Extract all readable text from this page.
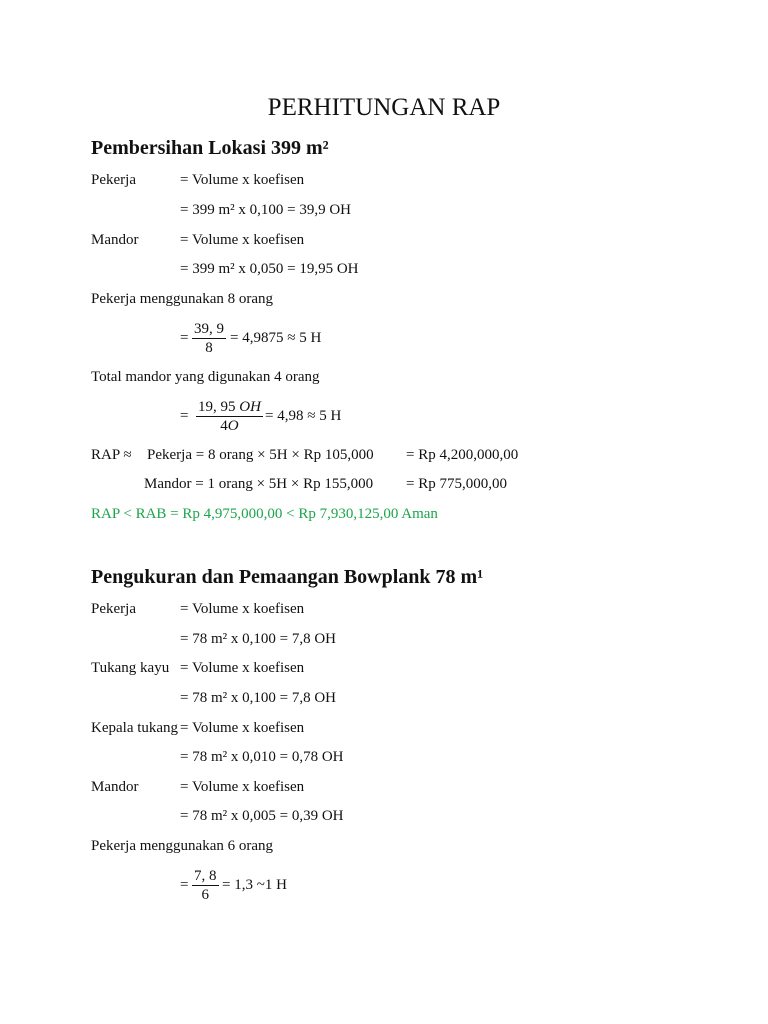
PERHITUNGAN RAP
Pembersihan Lokasi 399 m²
Pekerja	= Volume x koefisen
= 399 m² x 0,100 = 39,9 OH
Mandor	= Volume x koefisen
= 399 m² x 0,050 = 19,95 OH
Pekerja menggunakan 8 orang
= $\frac{39, 9}{8} = 4,9875 \approx 5$ H
Total mandor yang digunakan 4 orang
= $\frac{19, 95 OH}{4O} = 4,98 \approx 5$ H
RAP ≈ Pekerja = 8 orang × 5H × Rp 105,000 = Rp 4,200,000,00
Mandor = 1 orang × 5H × Rp 155,000 = Rp 775,000,00
RAP < RAB = Rp 4,975,000,00 < Rp 7,930,125,00 Aman
Pengukuran dan Pemaangan Bowplank 78 m¹
Pekerja	= Volume x koefisen
= 78 m² x 0,100 = 7,8 OH
Tukang kayu = Volume x koefisen
= 78 m² x 0,100 = 7,8 OH
Kepala tukang = Volume x koefisen
= 78 m² x 0,010 = 0,78 OH
Mandor	= Volume x koefisen
= 78 m² x 0,005 = 0,39 OH
Pekerja menggunakan 6 orang
= $\frac{7, 8}{6} = 1,3$ ~1 H
